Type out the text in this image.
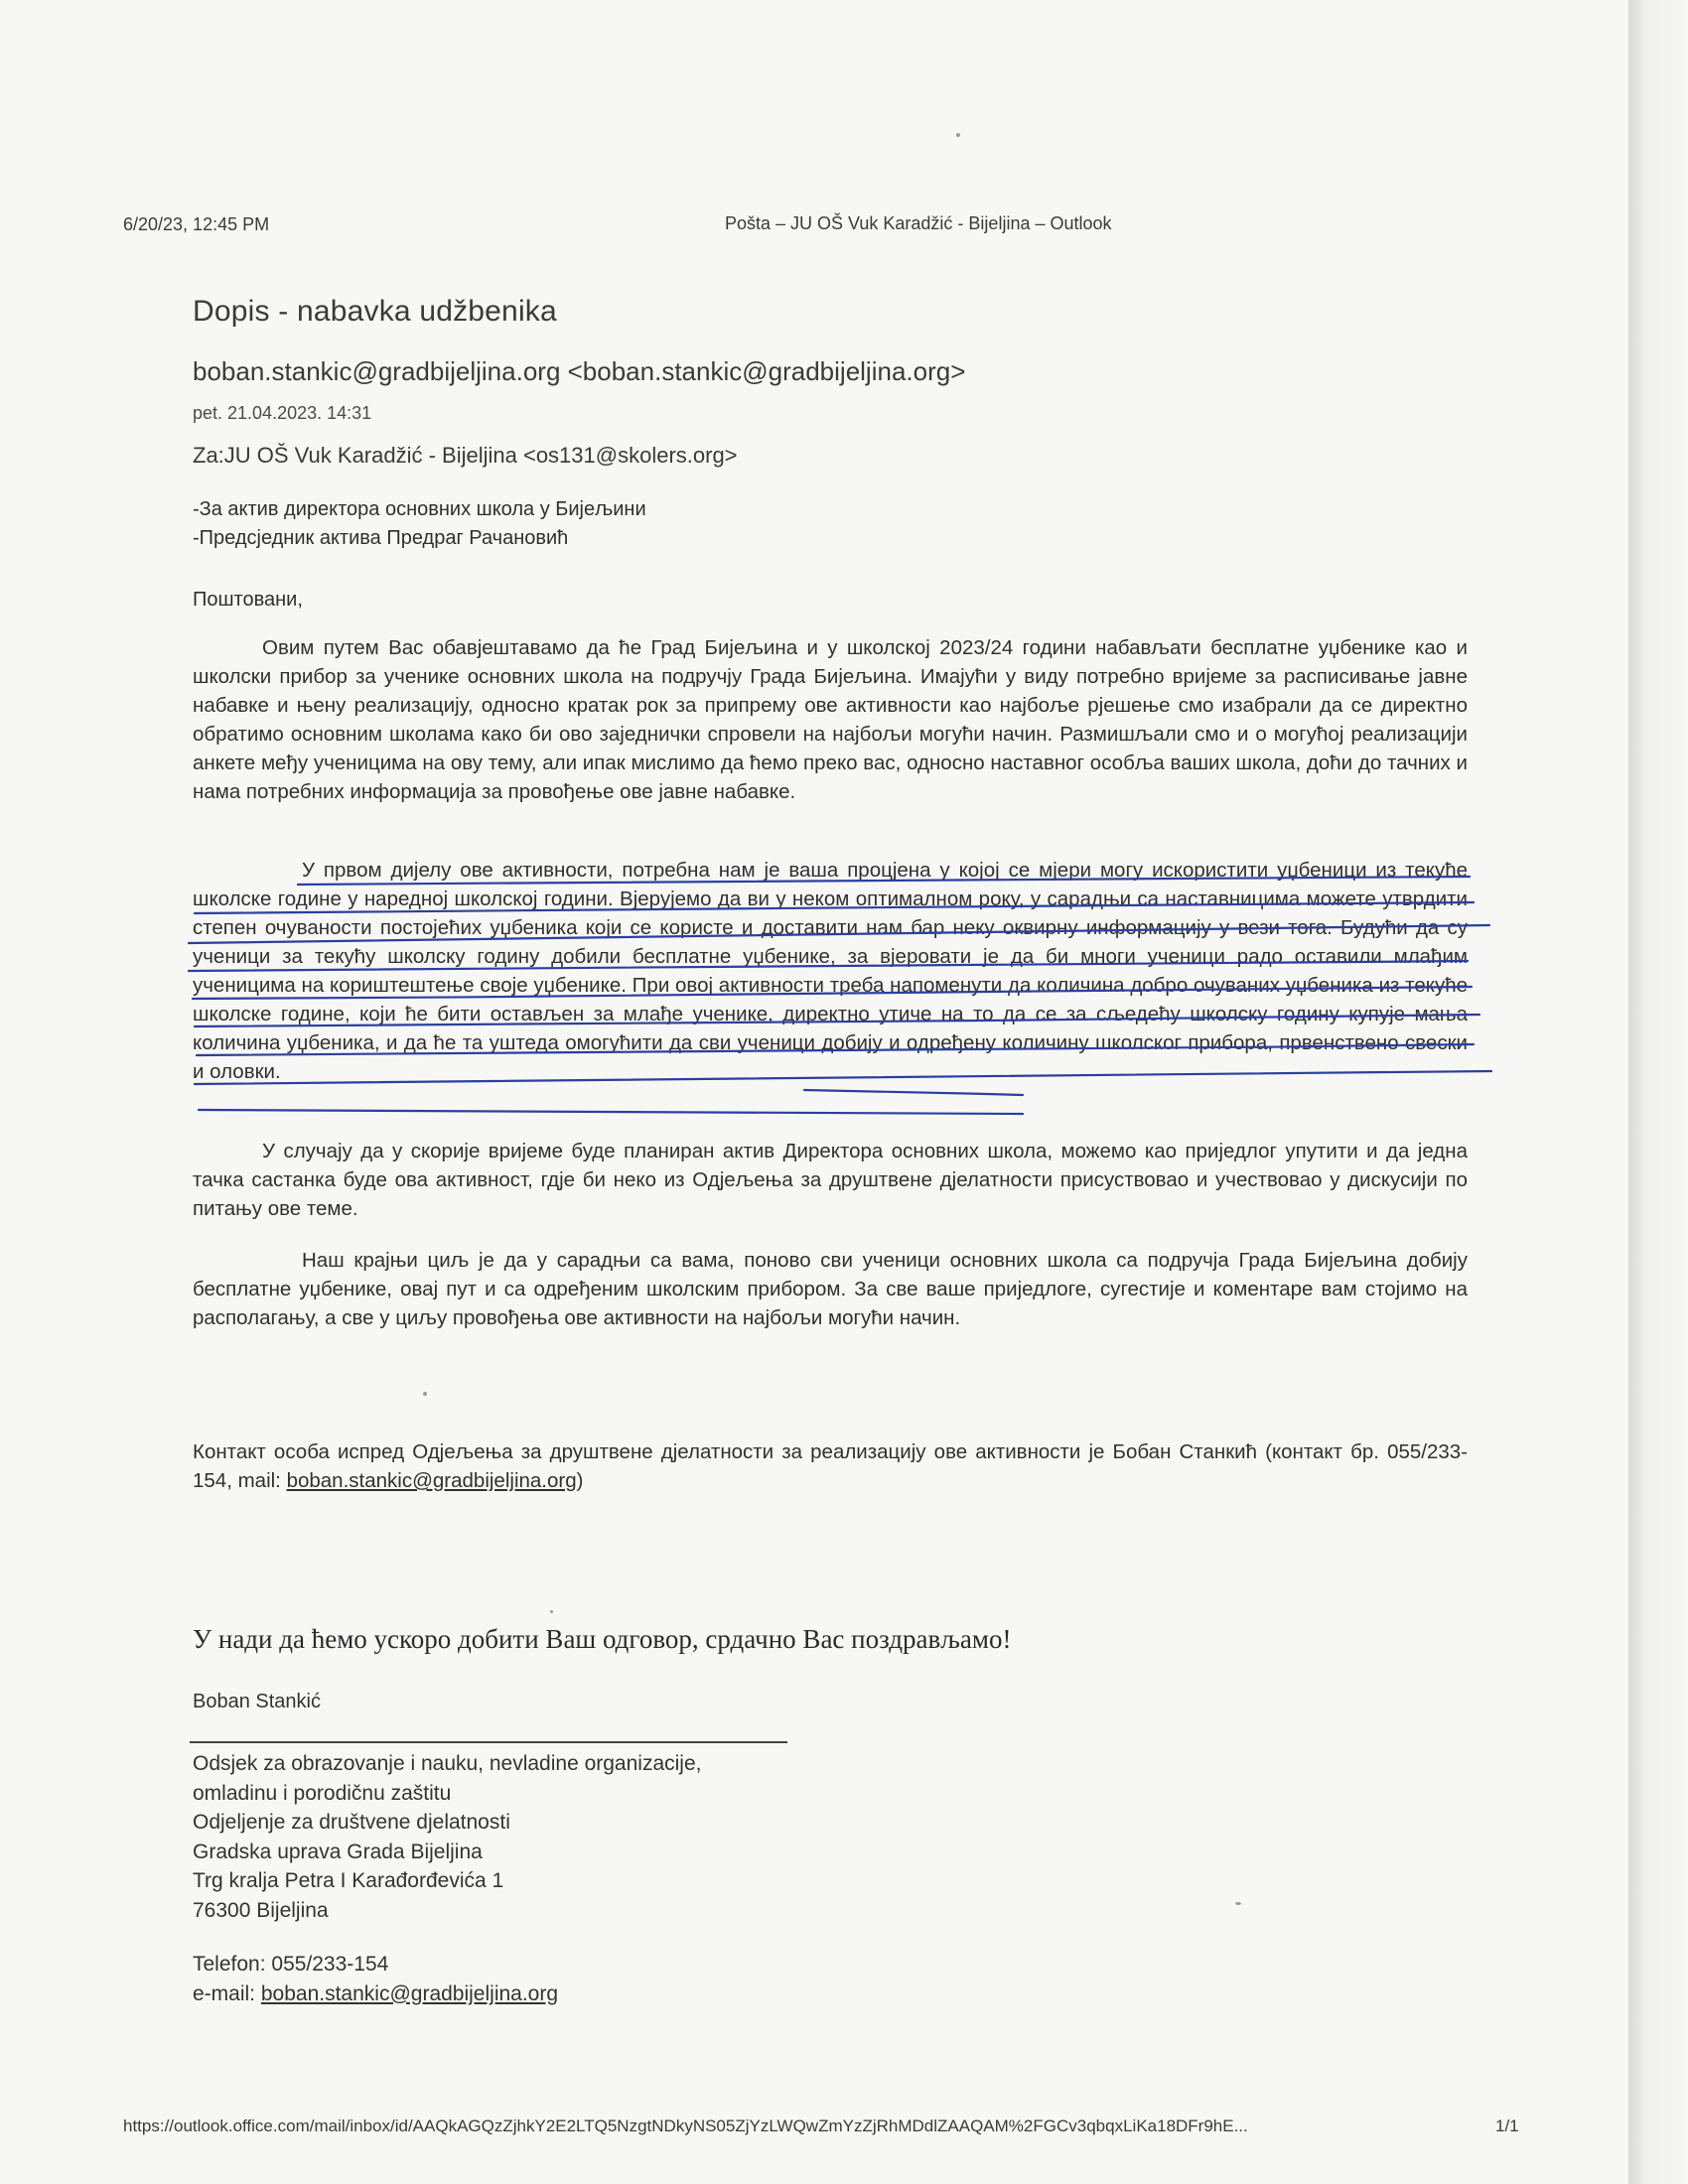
6/20/23, 12:45 PM	Pošta – JU OŠ Vuk Karadžić - Bijeljina – Outlook
Dopis - nabavka udžbenika
boban.stankic@gradbijeljina.org <boban.stankic@gradbijeljina.org>
pet. 21.04.2023. 14:31
Za:JU OŠ Vuk Karadžić - Bijeljina <os131@skolers.org>
-За актив директора основних школа у Бијељини
-Предсједник актива Предраг Рачановић
Поштовани,
Овим путем Вас обавјештавамо да ће Град Бијељина и у школској 2023/24 години набављати бесплатне уџбенике као и школски прибор за ученике основних школа на подручју Града Бијељина. Имајући у виду потребно вријеме за расписивање јавне набавке и њену реализацију, односно кратак рок за припрему ове активности као најбоље рјешење смо изабрали да се директно обратимо основним школама како би ово заједнички спровели на најбољи могући начин. Размишљали смо и о могућој реализацији анкете међу ученицима на ову тему, али ипак мислимо да ћемо преко вас, односно наставног особља ваших школа, доћи до тачних и нама потребних информација за провођење ове јавне набавке.
У првом дијелу ове активности, потребна нам је ваша процјена у којој се мјери могу искористити уџбеници из текуће школске године у наредној школској години. Вјерујемо да ви у неком оптималном року, у сарадњи са наставницима можете утврдити степен очуваности постојећих уџбеника који се користе и доставити нам бар неку оквирну информацију у вези тога. Будући да су ученици за текућу школску годину добили бесплатне уџбенике, за вјеровати је да би многи ученици радо оставили млађим ученицима на кориштештење своје уџбенике. При овој активности треба напоменути да количина добро очуваних уџбеника из текуће школске године, који ће бити остављен за млађе ученике, директно утиче на то да се за сљедећу школску годину купује мања количина уџбеника, и да ће та уштеда омогућити да сви ученици добију и одређену количину школског прибора, првенствено свески и оловки.
У случају да у скорије вријеме буде планиран актив Директора основних школа, можемо као приједлог упутити и да једна тачка састанка буде ова активност, гдје би неко из Одјељења за друштвене дјелатности присуствовао и учествовао у дискусији по питању ове теме.
Наш крајњи циљ је да у сарадњи са вама, поново сви ученици основних школа са подручја Града Бијељина добију бесплатне уџбенике, овај пут и са одређеним школским прибором. За све ваше приједлоге, сугестије и коментаре вам стојимо на располагању, а све у циљу провођења ове активности на најбољи могући начин.
Контакт особа испред Одјељења за друштвене дјелатности за реализацију ове активности је Бобан Станкић (контакт бр. 055/233-154, mail: boban.stankic@gradbijeljina.org)
У нади да ћемо ускоро добити Ваш одговор, срдачно Вас поздрављамо!
Boban Stankić
Odsjek za obrazovanje i nauku, nevladine organizacije,
omladinu i porodičnu zaštitu
Odjeljenje za društvene djelatnosti
Gradska uprava Grada Bijeljina
Trg kralja Petra I Karađorđevića 1
76300 Bijeljina
Telefon: 055/233-154
e-mail: boban.stankic@gradbijeljina.org
https://outlook.office.com/mail/inbox/id/AAQkAGQzZjhkY2E2LTQ5NzgtNDkyNS05ZjYzLWQwZmYzZjRhMDdlZAAQAM%2FGCv3qbqxLiKa18DFr9hE...	1/1
